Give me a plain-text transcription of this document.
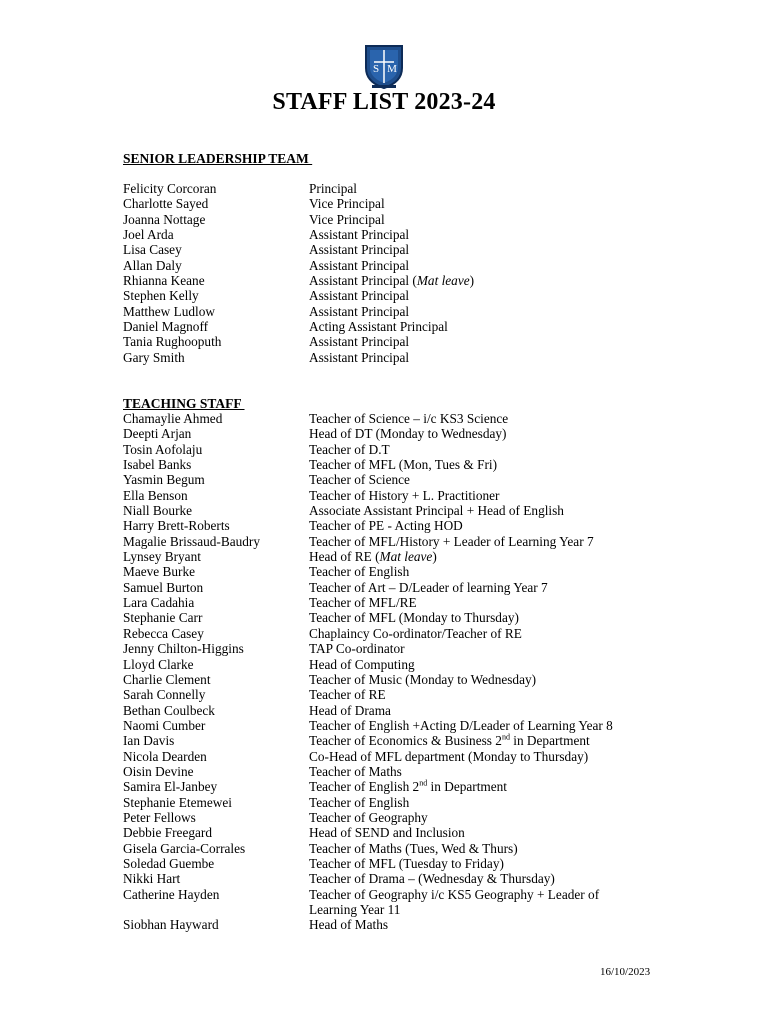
S M
STAFF LIST 2023-24
SENIOR LEADERSHIP TEAM
Felicity Corcoran	Principal
Charlotte Sayed	Vice Principal
Joanna Nottage	Vice Principal
Joel Arda	Assistant Principal
Lisa Casey	Assistant Principal
Allan Daly	Assistant Principal
Rhianna Keane	Assistant Principal (Mat leave)
Stephen Kelly	Assistant Principal
Matthew Ludlow	Assistant Principal
Daniel Magnoff	Acting Assistant Principal
Tania Rughooputh	Assistant Principal
Gary Smith	Assistant Principal
TEACHING STAFF
Chamaylie Ahmed	Teacher of Science – i/c KS3 Science
Deepti Arjan	Head of DT (Monday to Wednesday)
Tosin Aofolaju	Teacher of D.T
Isabel Banks	Teacher of MFL (Mon, Tues & Fri)
Yasmin Begum	Teacher of Science
Ella Benson	Teacher of History + L. Practitioner
Niall Bourke	Associate Assistant Principal + Head of English
Harry Brett-Roberts	Teacher of PE - Acting HOD
Magalie Brissaud-Baudry	Teacher of MFL/History + Leader of Learning Year 7
Lynsey Bryant	Head of RE (Mat leave)
Maeve Burke	Teacher of English
Samuel Burton	Teacher of Art – D/Leader of learning Year 7
Lara Cadahia	Teacher of MFL/RE
Stephanie Carr	Teacher of MFL (Monday to Thursday)
Rebecca Casey	Chaplaincy Co-ordinator/Teacher of RE
Jenny Chilton-Higgins	TAP Co-ordinator
Lloyd Clarke	Head of Computing
Charlie Clement	Teacher of Music (Monday to Wednesday)
Sarah Connelly	Teacher of RE
Bethan Coulbeck	Head of Drama
Naomi Cumber	Teacher of English +Acting D/Leader of Learning Year 8
Ian Davis	Teacher of Economics & Business 2nd in Department
Nicola Dearden	Co-Head of MFL department (Monday to Thursday)
Oisin Devine	Teacher of Maths
Samira El-Janbey	Teacher of English 2nd in Department
Stephanie Etemewei	Teacher of English
Peter Fellows	Teacher of Geography
Debbie Freegard	Head of SEND and Inclusion
Gisela Garcia-Corrales	Teacher of Maths (Tues, Wed & Thurs)
Soledad Guembe	Teacher of MFL (Tuesday to Friday)
Nikki Hart	Teacher of Drama – (Wednesday & Thursday)
Catherine Hayden	Teacher of Geography i/c KS5 Geography + Leader of Learning Year 11
Siobhan Hayward	Head of Maths
16/10/2023
